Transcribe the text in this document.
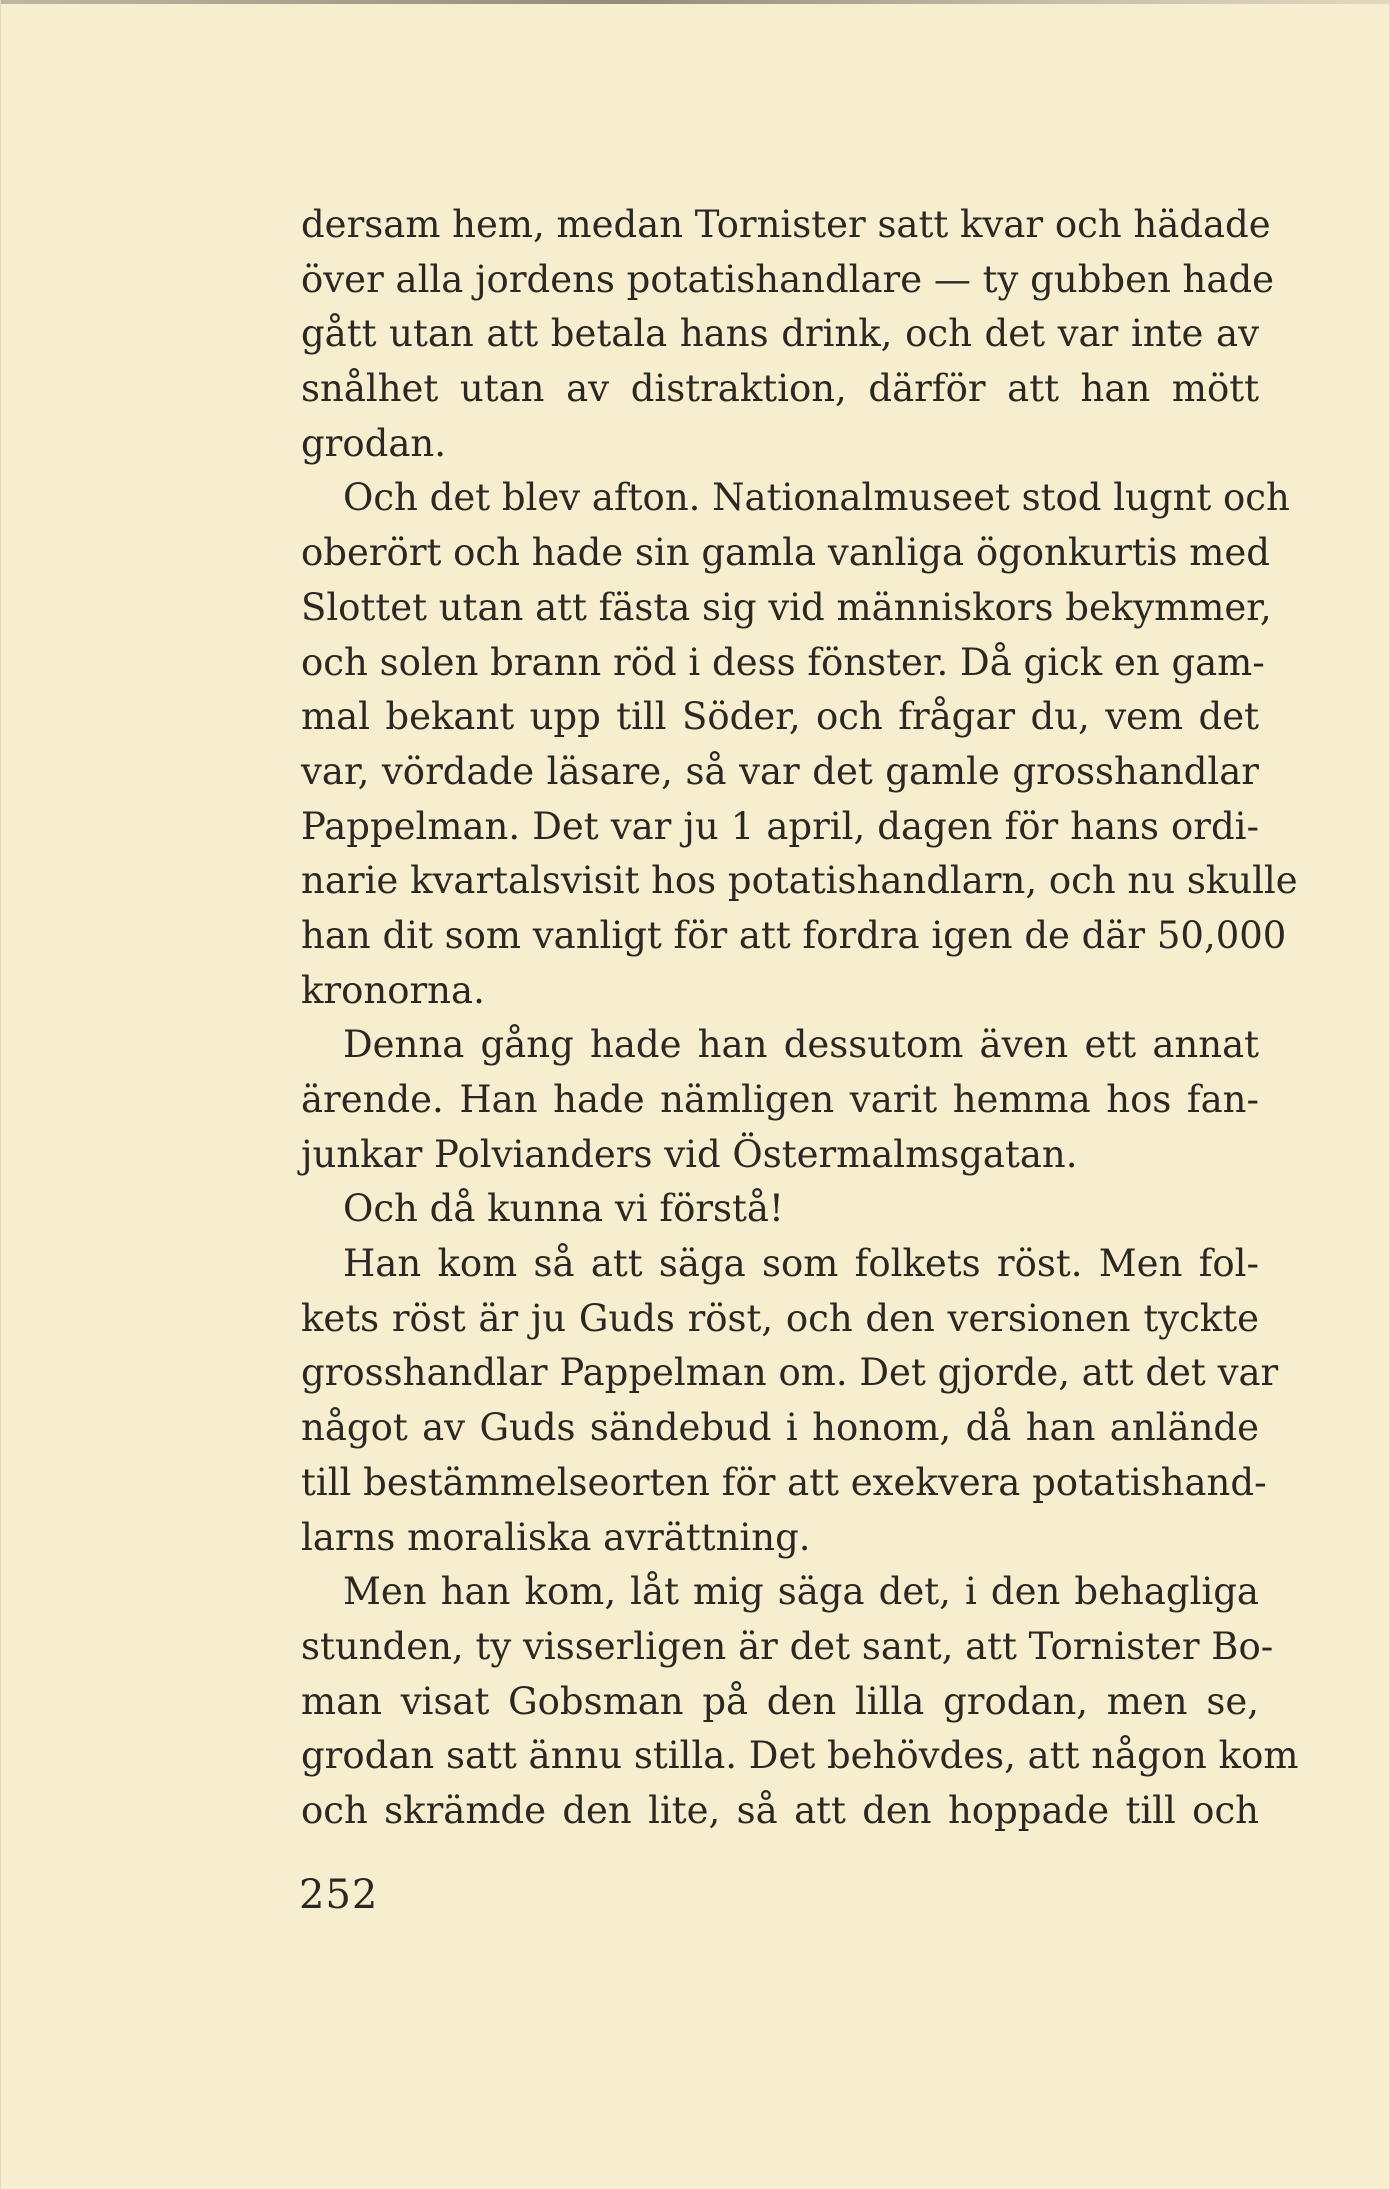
dersam hem, medan Tornister satt kvar och hädade
över alla jordens potatishandlare — ty gubben hade
gått utan att betala hans drink, och det var inte av
snålhet utan av distraktion, därför att han mött
grodan.
Och det blev afton. Nationalmuseet stod lugnt och
oberört och hade sin gamla vanliga ögonkurtis med
Slottet utan att fästa sig vid människors bekymmer,
och solen brann röd i dess fönster. Då gick en gam-
mal bekant upp till Söder, och frågar du, vem det
var, vördade läsare, så var det gamle grosshandlar
Pappelman. Det var ju 1 april, dagen för hans ordi-
narie kvartalsvisit hos potatishandlarn, och nu skulle
han dit som vanligt för att fordra igen de där 50,000
kronorna.
Denna gång hade han dessutom även ett annat
ärende. Han hade nämligen varit hemma hos fan-
junkar Polvianders vid Östermalmsgatan.
Och då kunna vi förstå!
Han kom så att säga som folkets röst. Men fol-
kets röst är ju Guds röst, och den versionen tyckte
grosshandlar Pappelman om. Det gjorde, att det var
något av Guds sändebud i honom, då han anlände
till bestämmelseorten för att exekvera potatishand-
larns moraliska avrättning.
Men han kom, låt mig säga det, i den behagliga
stunden, ty visserligen är det sant, att Tornister Bo-
man visat Gobsman på den lilla grodan, men se,
grodan satt ännu stilla. Det behövdes, att någon kom
och skrämde den lite, så att den hoppade till och
252
